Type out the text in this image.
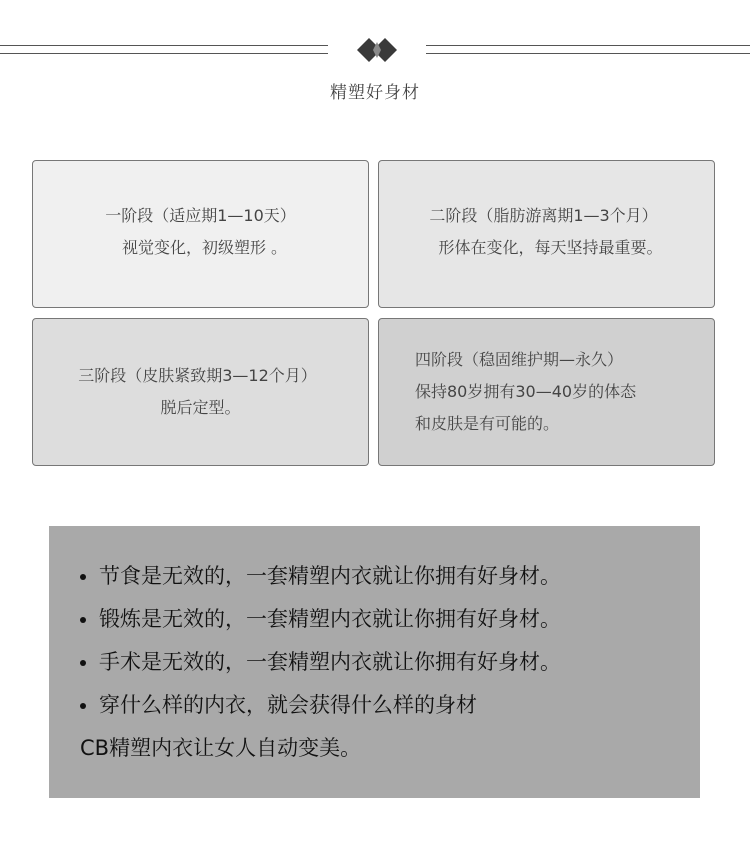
精塑好身材
一阶段（适应期1—10天）
视觉变化，初级塑形 。
二阶段（脂肪游离期1—3个月）
形体在变化，每天坚持最重要。
三阶段（皮肤紧致期3—12个月）
脱后定型。
四阶段（稳固维护期—永久）
保持80岁拥有30—40岁的体态
和皮肤是有可能的。
节食是无效的，一套精塑内衣就让你拥有好身材。
锻炼是无效的，一套精塑内衣就让你拥有好身材。
手术是无效的，一套精塑内衣就让你拥有好身材。
穿什么样的内衣，就会获得什么样的身材
CB精塑内衣让女人自动变美。
